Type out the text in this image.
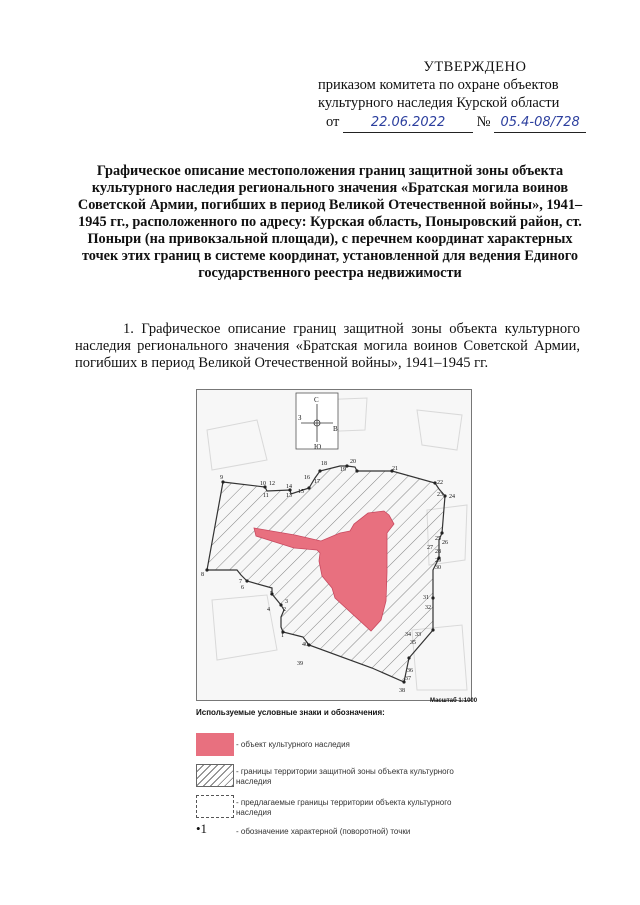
УТВЕРЖДЕНО
приказом комитета по охране объектов
культурного наследия Курской области
от 22.06.2022 № 05.4-08/728
Графическое описание местоположения границ защитной зоны объекта культурного наследия регионального значения «Братская могила воинов Советской Армии, погибших в период Великой Отечественной войны», 1941–1945 гг., расположенного по адресу: Курская область, Поныровский район, ст. Поныри (на привокзальной площади), с перечнем координат характерных точек этих границ в системе координат, установленной для ведения Единого государственного реестра недвижимости
1. Графическое описание границ защитной зоны объекта культурного наследия регионального значения «Братская могила воинов Советской Армии, погибших в период Великой Отечественной войны», 1941–1945 гг.
С
Ю
В
З
1
2
3
4
5
6
7
8
9
10
11
12
13
14
15
16
17
18
19
20
21
22
23 24
25
26
27
28
29
30
31
32
33
34
35
36
37
38
39
40
Масштаб 1:1000
Используемые условные знаки и обозначения:
- объект культурного наследия
- границы территории защитной зоны объекта культурного наследия
- предлагаемые границы территории объекта культурного наследия
•1	- обозначение характерной (поворотной) точки
